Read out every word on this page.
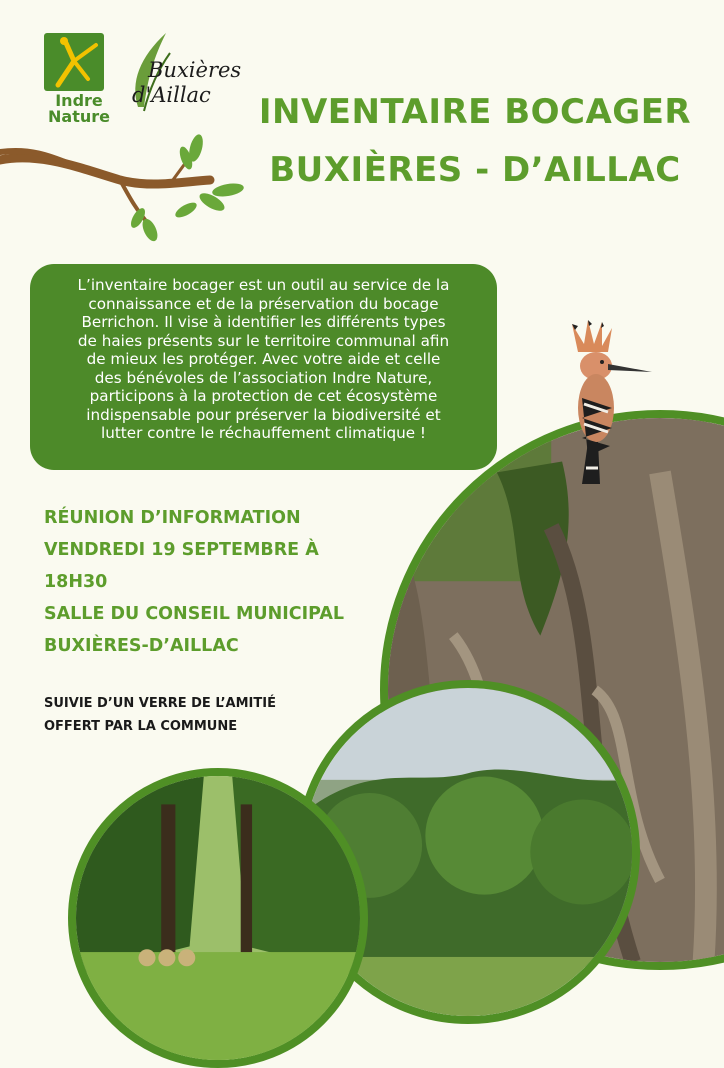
Indre
Nature
Buxières
d'Aillac INVENTAIRE BOCAGER
BUXIÈRES - D’AILLAC
L’inventaire bocager est un outil au service de la
connaissance et de la préservation du bocage
Berrichon. Il vise à identifier les différents types
de haies présents sur le territoire communal afin
de mieux les protéger. Avec votre aide et celle
des bénévoles de l’association Indre Nature,
participons à la protection de cet écosystème
indispensable pour préserver la biodiversité et
lutter contre le réchauffement climatique !
RÉUNION D’INFORMATION
VENDREDI 19 SEPTEMBRE À
18H30
SALLE DU CONSEIL MUNICIPAL
BUXIÈRES-D’AILLAC
SUIVIE D’UN VERRE DE L’AMITIÉ
OFFERT PAR LA COMMUNE
